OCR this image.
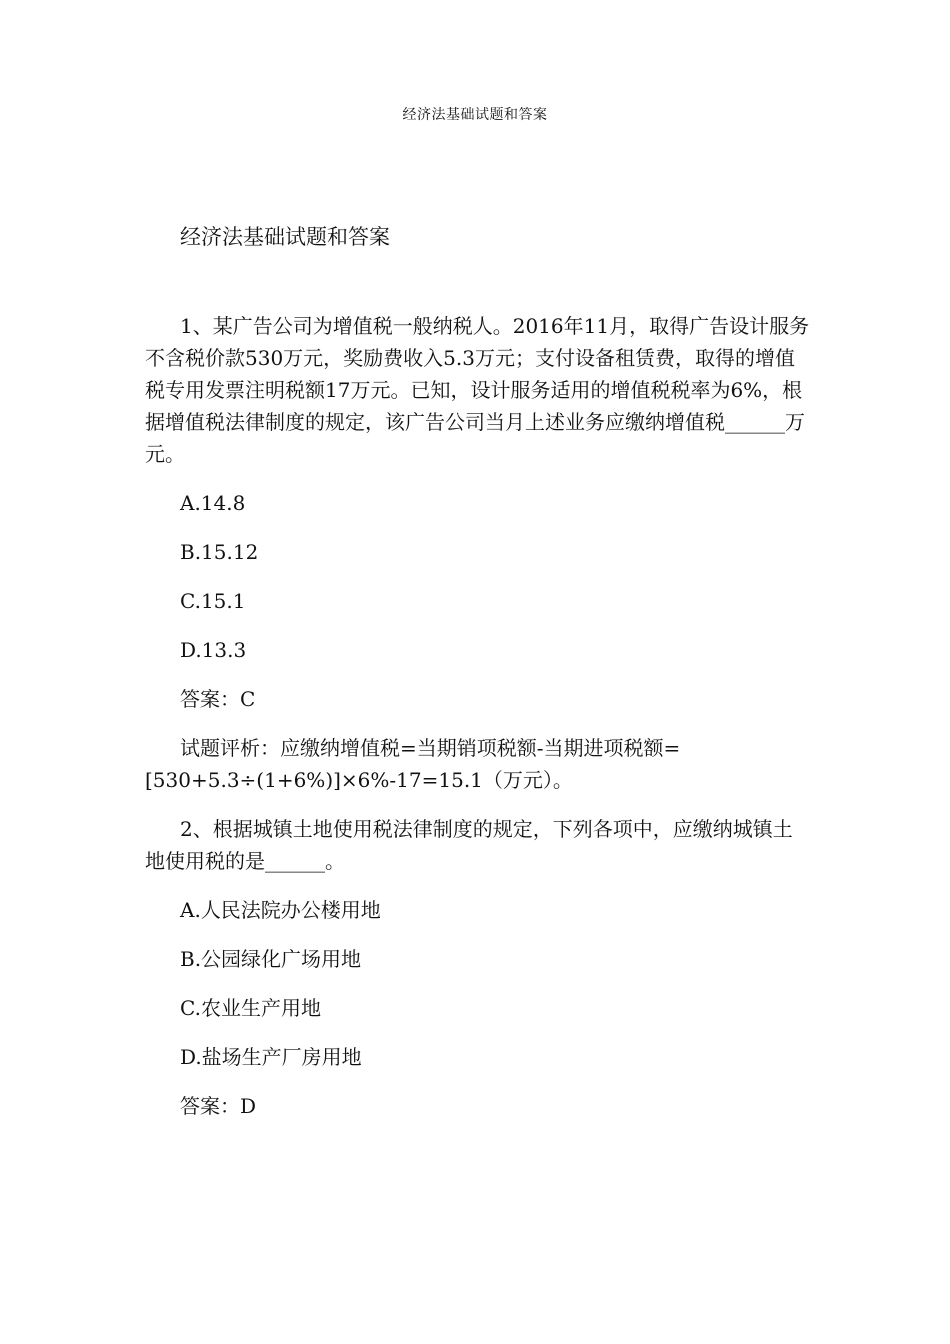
经济法基础试题和答案
经济法基础试题和答案

1、某广告公司为增值税一般纳税人。2016年11月，取得广告设计服务不含税价款530万元，奖励费收入5.3万元；支付设备租赁费，取得的增值税专用发票注明税额17万元。已知，设计服务适用的增值税税率为6%，根据增值税法律制度的规定，该广告公司当月上述业务应缴纳增值税______万元。

A.14.8

B.15.12

C.15.1

D.13.3

答案：C

试题评析：应缴纳增值税=当期销项税额-当期进项税额=[530+5.3÷(1+6%)]×6%-17=15.1（万元）。

2、根据城镇土地使用税法律制度的规定，下列各项中，应缴纳城镇土地使用税的是______。

A.人民法院办公楼用地

B.公园绿化广场用地

C.农业生产用地

D.盐场生产厂房用地

答案：D
